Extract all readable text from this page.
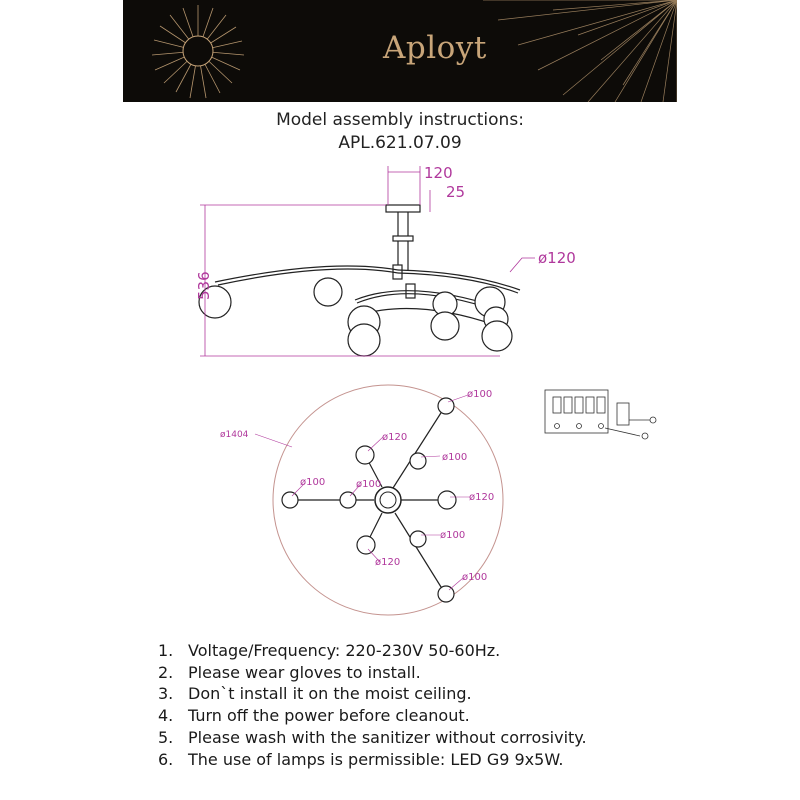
Aployt
Model assembly instructions:
APL.621.07.09
120
25
536
ø120
ø1404
ø100
ø120
ø100
ø100	ø100
ø120
ø100
ø120
ø100
1. Voltage/Frequency: 220-230V 50-60Hz.
2. Please wear gloves to install.
3. Don`t install it on the moist ceiling.
4. Turn off the power before cleanout.
5. Please wash with the sanitizer without corrosivity.
6. The use of lamps is permissible: LED G9 9x5W.
